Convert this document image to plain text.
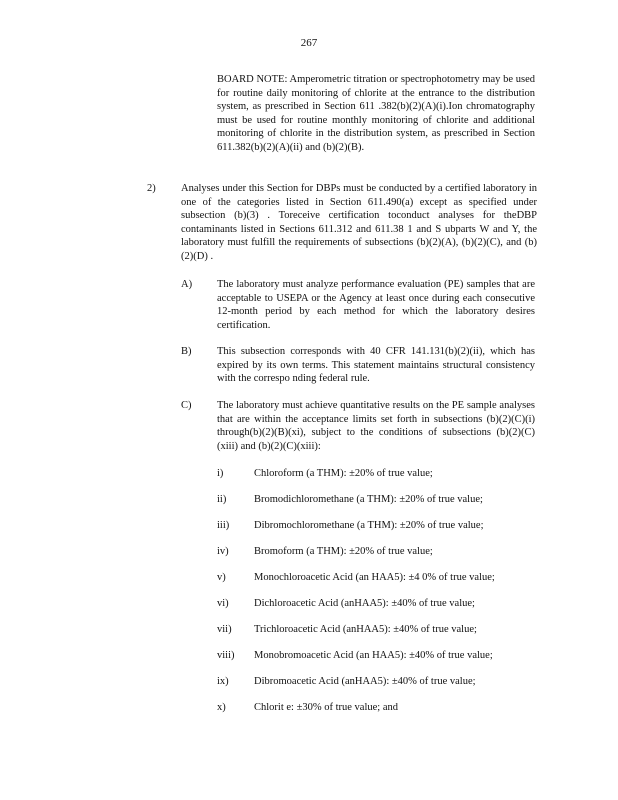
267
BOARD NOTE: Amperometric titration or spectrophotometry may be used for routine daily monitoring of chlorite at the entrance to the distribution system, as prescribed in Section 611 .382(b)(2)(A)(i).Ion chromatography must be used for routine monthly monitoring of chlorite and additional monitoring of chlorite in the distribution system, as prescribed in Section 611.382(b)(2)(A)(ii) and (b)(2)(B).
2) Analyses under this Section for DBPs must be conducted by a certified laboratory in one of the categories listed in Section 611.490(a) except as specified under subsection (b)(3) . Toreceive certification toconduct analyses for theDBP contaminants listed in Sections 611.312 and 611.38 1 and S ubparts W and Y, the laboratory must fulfill the requirements of subsections (b)(2)(A), (b)(2)(C), and (b)(2)(D) .
A) The laboratory must analyze performance evaluation (PE) samples that are acceptable to USEPA or the Agency at least once during each consecutive 12-month period by each method for which the laboratory desires certification.
B) This subsection corresponds with 40 CFR 141.131(b)(2)(ii), which has expired by its own terms. This statement maintains structural consistency with the correspo nding federal rule.
C) The laboratory must achieve quantitative results on the PE sample analyses that are within the acceptance limits set forth in subsections (b)(2)(C)(i) through(b)(2)(B)(xi), subject to the conditions of subsections (b)(2)(C)(xiii) and (b)(2)(C)(xiii):
i)	Chloroform (a THM): ±20% of true value;
ii)	Bromodichloromethane (a THM): ±20% of true value;
iii) Dibromochloromethane (a THM): ±20% of true value;
iv) Bromoform (a THM): ±20% of true value;
v)	Monochloroacetic Acid (an HAA5): ±4 0% of true value;
vi) Dichloroacetic Acid (anHAA5): ±40% of true value;
vii) Trichloroacetic Acid (anHAA5): ±40% of true value;
viii) Monobromoacetic Acid (an HAA5): ±40% of true value;
ix) Dibromoacetic Acid (anHAA5): ±40% of true value;
x)	Chlorit e: ±30% of true value; and
